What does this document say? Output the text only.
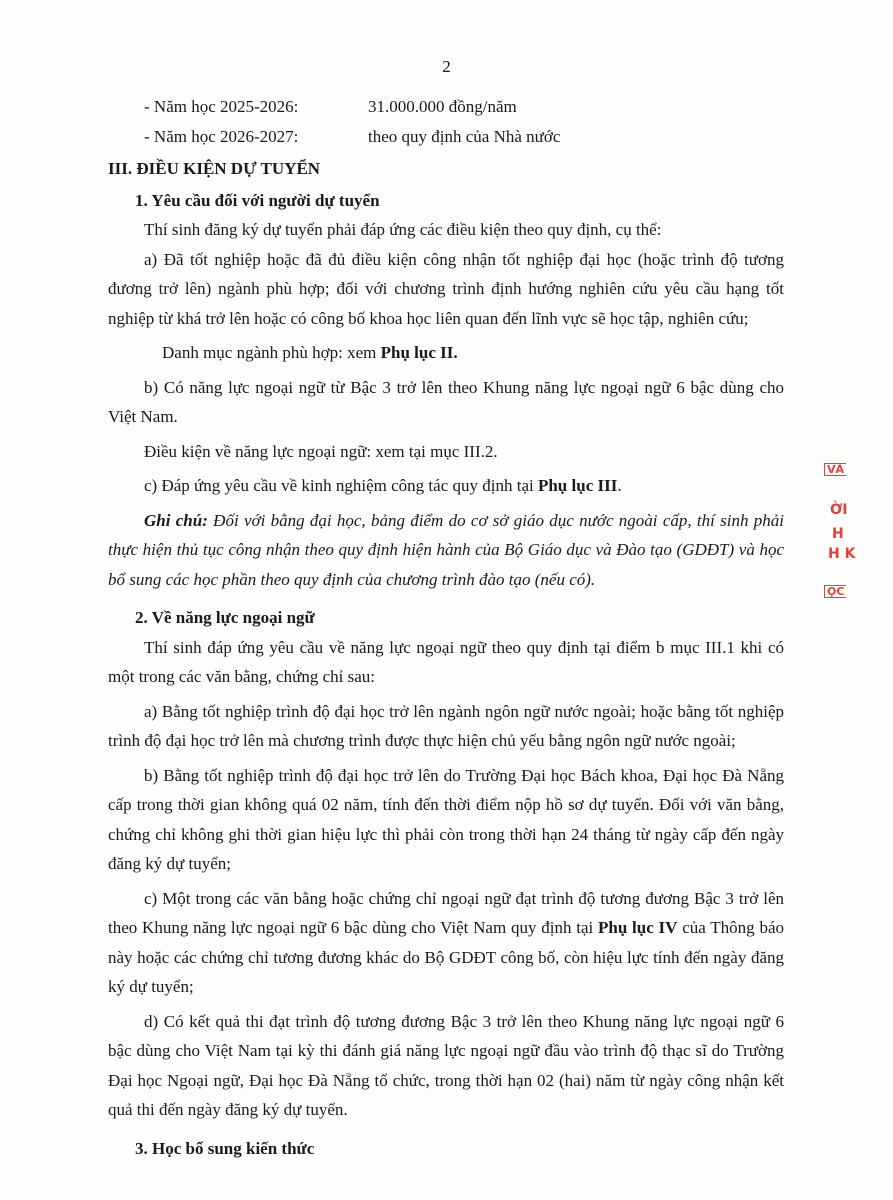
2
- Năm học 2025-2026:	31.000.000 đồng/năm
- Năm học 2026-2027:	theo quy định của Nhà nước

III. ĐIỀU KIỆN DỰ TUYỂN

1. Yêu cầu đối với người dự tuyển

Thí sinh đăng ký dự tuyển phải đáp ứng các điều kiện theo quy định, cụ thể:

a) Đã tốt nghiệp hoặc đã đủ điều kiện công nhận tốt nghiệp đại học (hoặc trình độ tương đương trở lên) ngành phù hợp; đối với chương trình định hướng nghiên cứu yêu cầu hạng tốt nghiệp từ khá trở lên hoặc có công bố khoa học liên quan đến lĩnh vực sẽ học tập, nghiên cứu;

Danh mục ngành phù hợp: xem Phụ lục II.

b) Có năng lực ngoại ngữ từ Bậc 3 trở lên theo Khung năng lực ngoại ngữ 6 bậc dùng cho Việt Nam.

Điều kiện về năng lực ngoại ngữ: xem tại mục III.2.

c) Đáp ứng yêu cầu về kinh nghiệm công tác quy định tại Phụ lục III.

Ghi chú: Đối với bằng đại học, bảng điểm do cơ sở giáo dục nước ngoài cấp, thí sinh phải thực hiện thủ tục công nhận theo quy định hiện hành của Bộ Giáo dục và Đào tạo (GDĐT) và học bổ sung các học phần theo quy định của chương trình đào tạo (nếu có).

2. Về năng lực ngoại ngữ

Thí sinh đáp ứng yêu cầu về năng lực ngoại ngữ theo quy định tại điểm b mục III.1 khi có một trong các văn bằng, chứng chỉ sau:

a) Bằng tốt nghiệp trình độ đại học trở lên ngành ngôn ngữ nước ngoài; hoặc bằng tốt nghiệp trình độ đại học trở lên mà chương trình được thực hiện chủ yếu bằng ngôn ngữ nước ngoài;

b) Bằng tốt nghiệp trình độ đại học trở lên do Trường Đại học Bách khoa, Đại học Đà Nẵng cấp trong thời gian không quá 02 năm, tính đến thời điểm nộp hồ sơ dự tuyển. Đối với văn bằng, chứng chỉ không ghi thời gian hiệu lực thì phải còn trong thời hạn 24 tháng từ ngày cấp đến ngày đăng ký dự tuyển;

c) Một trong các văn bằng hoặc chứng chỉ ngoại ngữ đạt trình độ tương đương Bậc 3 trở lên theo Khung năng lực ngoại ngữ 6 bậc dùng cho Việt Nam quy định tại Phụ lục IV của Thông báo này hoặc các chứng chỉ tương đương khác do Bộ GDĐT công bố, còn hiệu lực tính đến ngày đăng ký dự tuyển;

d) Có kết quả thi đạt trình độ tương đương Bậc 3 trở lên theo Khung năng lực ngoại ngữ 6 bậc dùng cho Việt Nam tại kỳ thi đánh giá năng lực ngoại ngữ đầu vào trình độ thạc sĩ do Trường Đại học Ngoại ngữ, Đại học Đà Nẵng tổ chức, trong thời hạn 02 (hai) năm từ ngày công nhận kết quả thi đến ngày đăng ký dự tuyển.

3. Học bổ sung kiến thức

VĂ
ỜI
H
H K
ỌC
